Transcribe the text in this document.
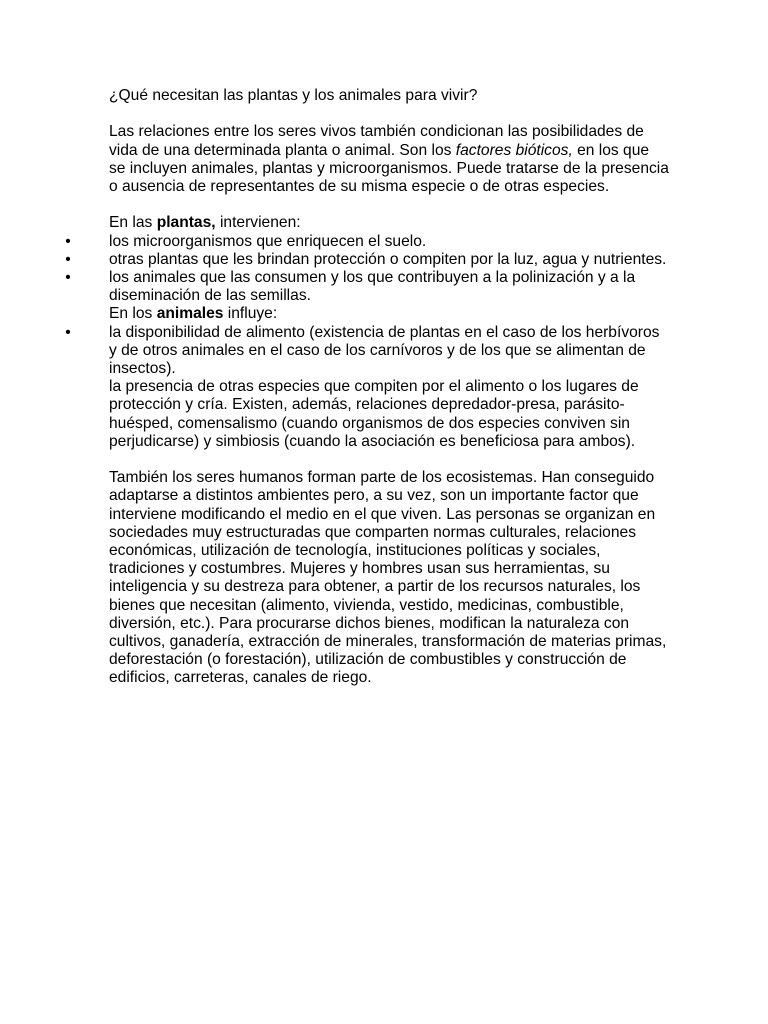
¿Qué necesitan las plantas y los animales para vivir?

Las relaciones entre los seres vivos también condicionan las posibilidades de vida de una determinada planta o animal. Son los factores bióticos, en los que se incluyen animales, plantas y microorganismos. Puede tratarse de la presencia o ausencia de representantes de su misma especie o de otras especies.

En las plantas, intervienen:

• los microorganismos que enriquecen el suelo.
• otras plantas que les brindan protección o compiten por la luz, agua y nutrientes.
• los animales que las consumen y los que contribuyen a la polinización y a la diseminación de las semillas.

En los animales influye:

• la disponibilidad de alimento (existencia de plantas en el caso de los herbívoros y de otros animales en el caso de los carnívoros y de los que se alimentan de insectos).

la presencia de otras especies que compiten por el alimento o los lugares de protección y cría. Existen, además, relaciones depredador-presa, parásito-huésped, comensalismo (cuando organismos de dos especies conviven sin perjudicarse) y simbiosis (cuando la asociación es beneficiosa para ambos).

También los seres humanos forman parte de los ecosistemas. Han conseguido adaptarse a distintos ambientes pero, a su vez, son un importante factor que interviene modificando el medio en el que viven. Las personas se organizan en sociedades muy estructuradas que comparten normas culturales, relaciones económicas, utilización de tecnología, instituciones políticas y sociales, tradiciones y costumbres. Mujeres y hombres usan sus herramientas, su inteligencia y su destreza para obtener, a partir de los recursos naturales, los bienes que necesitan (alimento, vivienda, vestido, medicinas, combustible, diversión, etc.). Para procurarse dichos bienes, modifican la naturaleza con cultivos, ganadería, extracción de minerales, transformación de materias primas, deforestación (o forestación), utilización de combustibles y construcción de edificios, carreteras, canales de riego.
